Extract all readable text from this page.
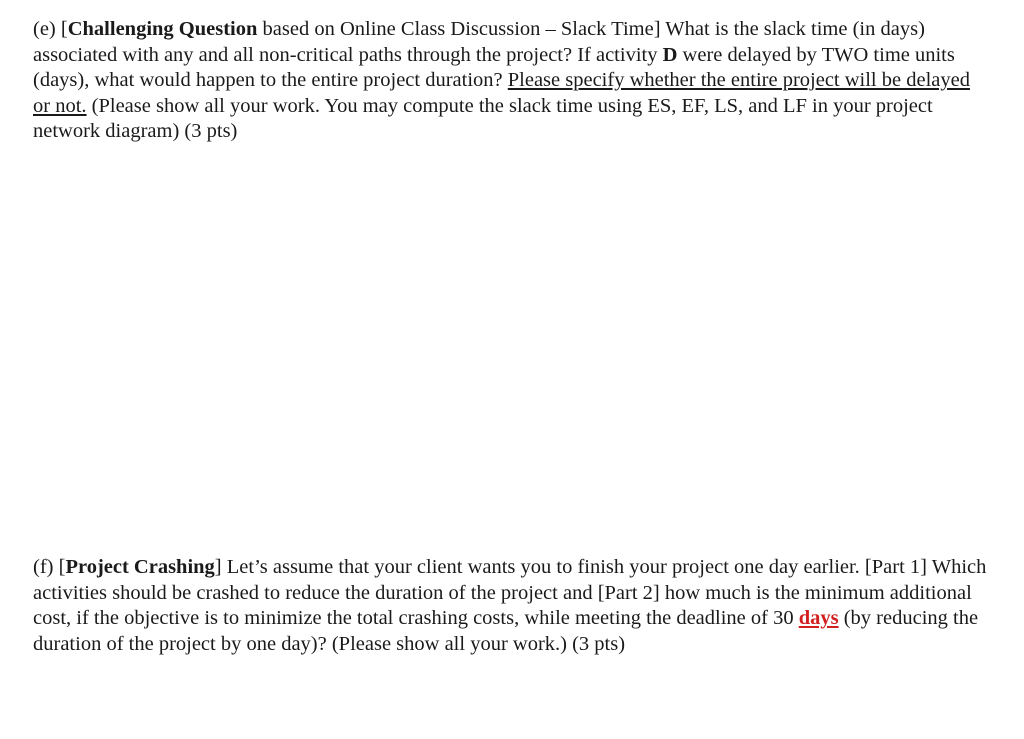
(e) [Challenging Question based on Online Class Discussion – Slack Time] What is the slack time (in days) associated with any and all non-critical paths through the project? If activity D were delayed by TWO time units (days), what would happen to the entire project duration? Please specify whether the entire project will be delayed or not. (Please show all your work. You may compute the slack time using ES, EF, LS, and LF in your project network diagram) (3 pts)

(f) [Project Crashing] Let’s assume that your client wants you to finish your project one day earlier. [Part 1] Which activities should be crashed to reduce the duration of the project and [Part 2] how much is the minimum additional cost, if the objective is to minimize the total crashing costs, while meeting the deadline of 30 days (by reducing the duration of the project by one day)? (Please show all your work.) (3 pts)
